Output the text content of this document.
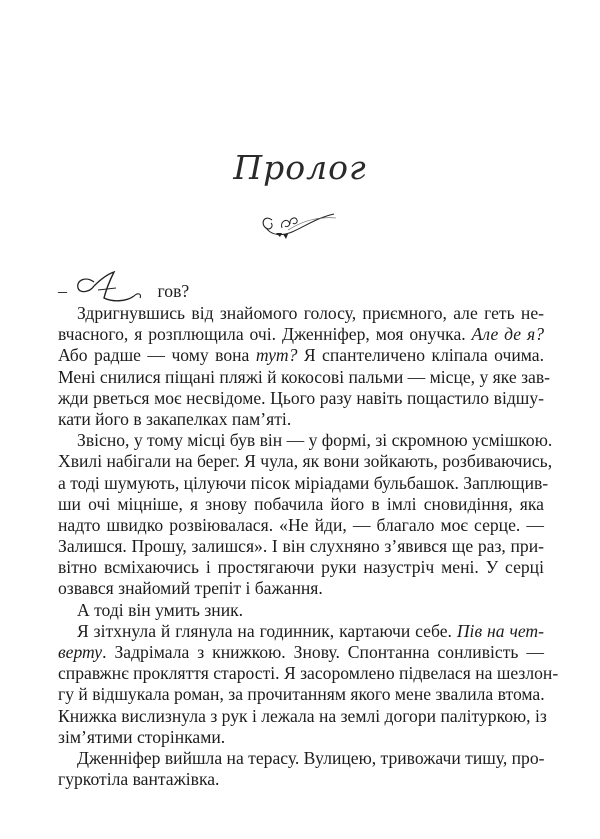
Пролог
–	гов?
Здригнувшись від знайомого голосу, приємного, але геть не-
вчасного, я розплющила очі. Дженніфер, моя онучка. Але де я?
Або радше — чому вона тут? Я спантеличено кліпала очима.
Мені снилися піщані пляжі й кокосові пальми — місце, у яке зав-
жди рветься моє несвідоме. Цього разу навіть пощастило відшу-
кати його в закапелках пам’яті.
Звісно, у тому місці був він — у формі, зі скромною усмішкою.
Хвилі набігали на берег. Я чула, як вони зойкають, розбиваючись,
а тоді шумують, цілуючи пісок міріадами бульбашок. Заплющив-
ши очі міцніше, я знову побачила його в імлі сновидіння, яка
надто швидко розвіювалася. «Не йди, — благало моє серце. —
Залишся. Прошу, залишся». І він слухняно з’явився ще раз, при-
вітно всміхаючись і простягаючи руки назустріч мені. У серці
озвався знайомий трепіт і бажання.
А тоді він умить зник.
Я зітхнула й глянула на годинник, картаючи себе. Пів на чет-
верту. Задрімала з книжкою. Знову. Спонтанна сонливість —
справжнє прокляття старості. Я засоромлено підвелася на шезлон-
гу й відшукала роман, за прочитанням якого мене звалила втома.
Книжка вислизнула з рук і лежала на землі догори палітуркою, із
зім’ятими сторінками.
Дженніфер вийшла на терасу. Вулицею, тривожачи тишу, про-
гуркотіла вантажівка.
